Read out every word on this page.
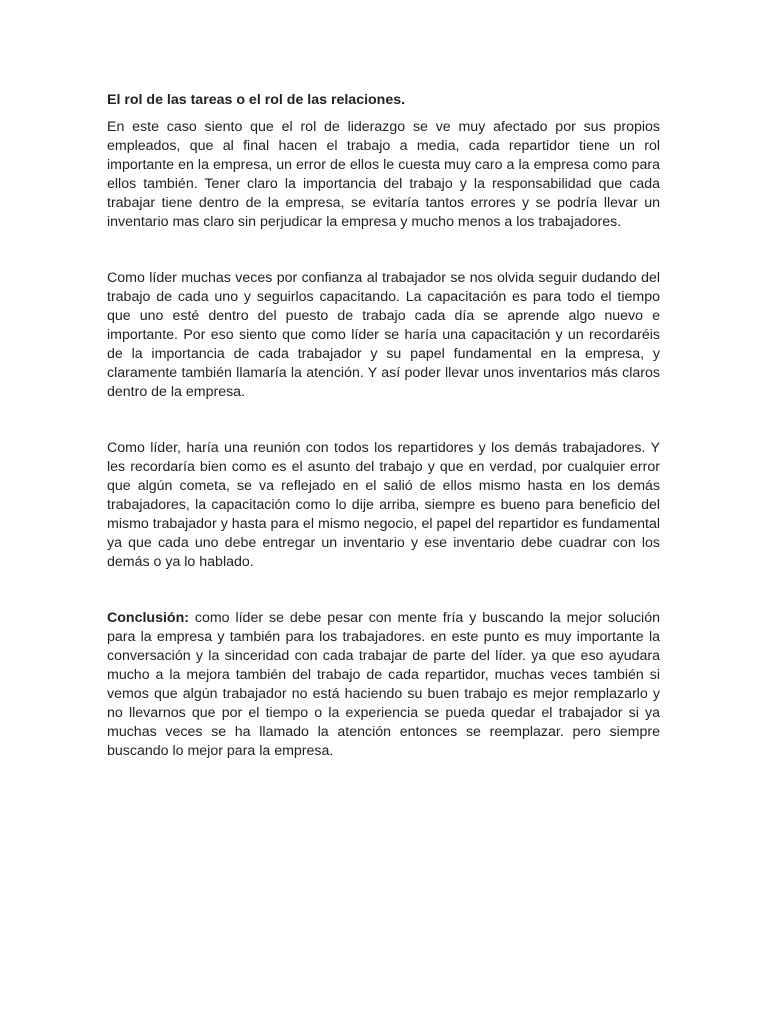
El rol de las tareas o el rol de las relaciones.

En este caso siento que el rol de liderazgo se ve muy afectado por sus propios empleados, que al final hacen el trabajo a media, cada repartidor tiene un rol importante en la empresa, un error de ellos le cuesta muy caro a la empresa como para ellos también. Tener claro la importancia del trabajo y la responsabilidad que cada trabajar tiene dentro de la empresa, se evitaría tantos errores y se podría llevar un inventario mas claro sin perjudicar la empresa y mucho menos a los trabajadores.

Como líder muchas veces por confianza al trabajador se nos olvida seguir dudando del trabajo de cada uno y seguirlos capacitando. La capacitación es para todo el tiempo que uno esté dentro del puesto de trabajo cada día se aprende algo nuevo e importante. Por eso siento que como líder se haría una capacitación y un recordaréis de la importancia de cada trabajador y su papel fundamental en la empresa, y claramente también llamaría la atención. Y así poder llevar unos inventarios más claros dentro de la empresa.

Como líder, haría una reunión con todos los repartidores y los demás trabajadores. Y les recordaría bien como es el asunto del trabajo y que en verdad, por cualquier error que algún cometa, se va reflejado en el salió de ellos mismo hasta en los demás trabajadores, la capacitación como lo dije arriba, siempre es bueno para beneficio del mismo trabajador y hasta para el mismo negocio, el papel del repartidor es fundamental ya que cada uno debe entregar un inventario y ese inventario debe cuadrar con los demás o ya lo hablado.

Conclusión: como líder se debe pesar con mente fría y buscando la mejor solución para la empresa y también para los trabajadores. en este punto es muy importante la conversación y la sinceridad con cada trabajar de parte del líder. ya que eso ayudara mucho a la mejora también del trabajo de cada repartidor, muchas veces también si vemos que algún trabajador no está haciendo su buen trabajo es mejor remplazarlo y no llevarnos que por el tiempo o la experiencia se pueda quedar el trabajador si ya muchas veces se ha llamado la atención entonces se reemplazar. pero siempre buscando lo mejor para la empresa.
